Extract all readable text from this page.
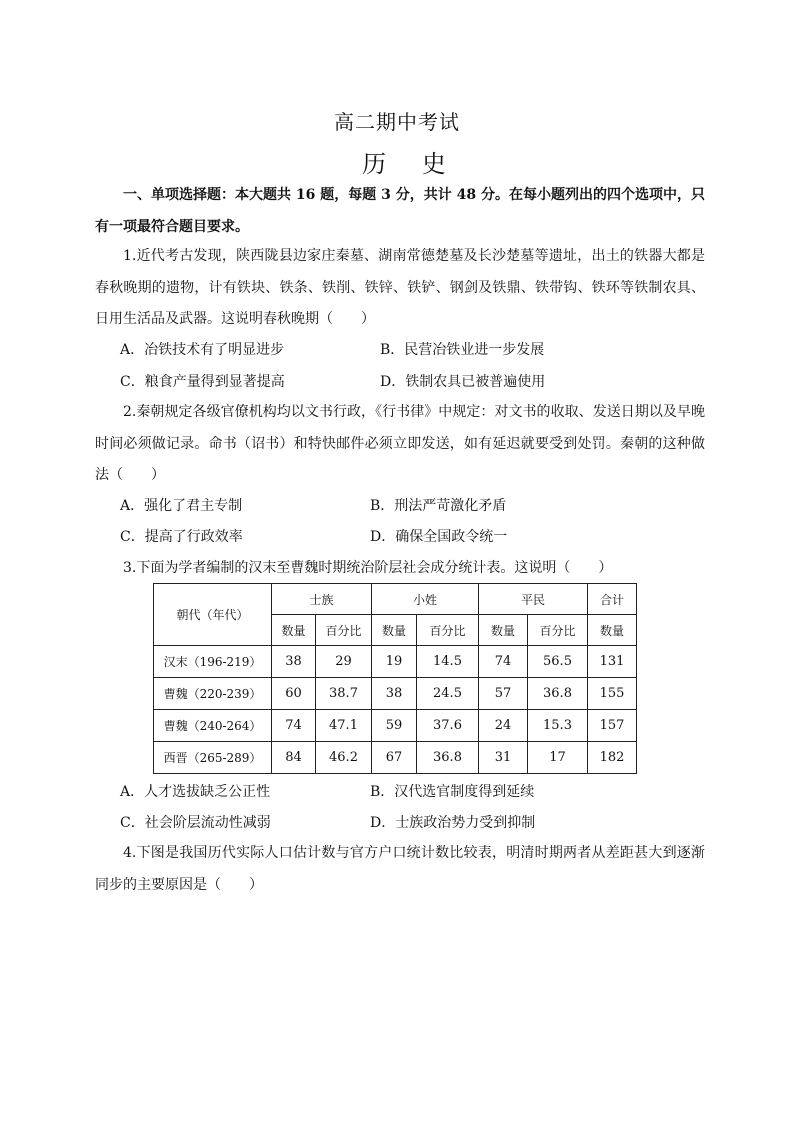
高二期中考试
历 史
一、单项选择题：本大题共 16 题，每题 3 分，共计 48 分。在每小题列出的四个选项中，只有一项最符合题目要求。
1.近代考古发现，陕西陇县边家庄秦墓、湖南常德楚墓及长沙楚墓等遗址，出土的铁器大都是春秋晚期的遗物，计有铁块、铁条、铁削、铁锌、铁铲、钢剑及铁鼎、铁带钩、铁环等铁制农具、日用生活品及武器。这说明春秋晚期（　　）
A．冶铁技术有了明显进步	B．民营冶铁业进一步发展
C．粮食产量得到显著提高	D．铁制农具已被普遍使用
2.秦朝规定各级官僚机构均以文书行政，《行书律》中规定：对文书的收取、发送日期以及早晚时间必须做记录。命书（诏书）和特快邮件必须立即发送，如有延迟就要受到处罚。秦朝的这种做法（　　）
A．强化了君主专制	B．刑法严苛激化矛盾
C．提高了行政效率	D．确保全国政令统一
3.下面为学者编制的汉末至曹魏时期统治阶层社会成分统计表。这说明（　　）
朝代（年代）	士族		小姓		平民		合计
	数量	百分比	数量	百分比	数量	百分比	数量
汉末（196-219）	38	29	19	14.5	74	56.5	131
曹魏（220-239）	60	38.7	38	24.5	57	36.8	155
曹魏（240-264）	74	47.1	59	37.6	24	15.3	157
西晋（265-289）	84	46.2	67	36.8	31	17	182
A．人才选拔缺乏公正性	B．汉代选官制度得到延续
C．社会阶层流动性减弱	D．士族政治势力受到抑制
4.下图是我国历代实际人口估计数与官方户口统计数比较表，明清时期两者从差距甚大到逐渐同步的主要原因是（　　）
